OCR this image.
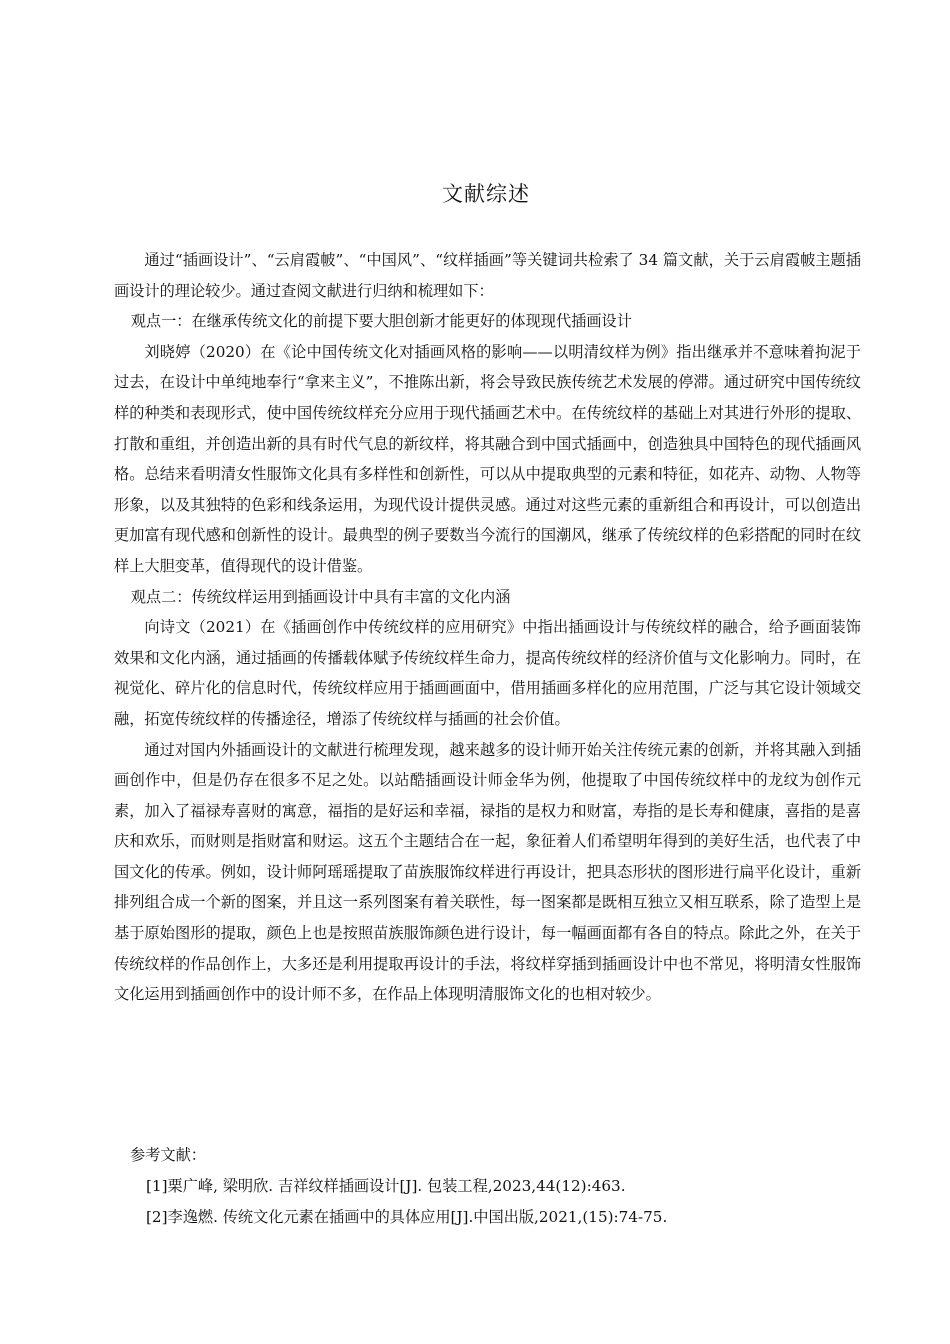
文献综述

通过“插画设计”、“云肩霞帔”、“中国风”、“纹样插画”等关键词共检索了 34 篇文献，关于云肩霞帔主题插画设计的理论较少。通过查阅文献进行归纳和梳理如下：

观点一：在继承传统文化的前提下要大胆创新才能更好的体现现代插画设计

刘晓婷（2020）在《论中国传统文化对插画风格的影响——以明清纹样为例》指出继承并不意味着拘泥于过去，在设计中单纯地奉行“拿来主义”，不推陈出新，将会导致民族传统艺术发展的停滞。通过研究中国传统纹样的种类和表现形式，使中国传统纹样充分应用于现代插画艺术中。在传统纹样的基础上对其进行外形的提取、打散和重组，并创造出新的具有时代气息的新纹样，将其融合到中国式插画中，创造独具中国特色的现代插画风格。总结来看明清女性服饰文化具有多样性和创新性，可以从中提取典型的元素和特征，如花卉、动物、人物等形象，以及其独特的色彩和线条运用，为现代设计提供灵感。通过对这些元素的重新组合和再设计，可以创造出更加富有现代感和创新性的设计。最典型的例子要数当今流行的国潮风，继承了传统纹样的色彩搭配的同时在纹样上大胆变革，值得现代的设计借鉴。

观点二：传统纹样运用到插画设计中具有丰富的文化内涵

向诗文（2021）在《插画创作中传统纹样的应用研究》中指出插画设计与传统纹样的融合，给予画面装饰效果和文化内涵，通过插画的传播载体赋予传统纹样生命力，提高传统纹样的经济价值与文化影响力。同时，在视觉化、碎片化的信息时代，传统纹样应用于插画画面中，借用插画多样化的应用范围，广泛与其它设计领域交融，拓宽传统纹样的传播途径，增添了传统纹样与插画的社会价值。

通过对国内外插画设计的文献进行梳理发现，越来越多的设计师开始关注传统元素的创新，并将其融入到插画创作中，但是仍存在很多不足之处。以站酷插画设计师金华为例，他提取了中国传统纹样中的龙纹为创作元素，加入了福禄寿喜财的寓意，福指的是好运和幸福，禄指的是权力和财富，寿指的是长寿和健康，喜指的是喜庆和欢乐，而财则是指财富和财运。这五个主题结合在一起，象征着人们希望明年得到的美好生活，也代表了中国文化的传承。例如，设计师阿瑶瑶提取了苗族服饰纹样进行再设计，把具态形状的图形进行扁平化设计，重新排列组合成一个新的图案，并且这一系列图案有着关联性，每一图案都是既相互独立又相互联系，除了造型上是基于原始图形的提取，颜色上也是按照苗族服饰颜色进行设计，每一幅画面都有各自的特点。除此之外，在关于传统纹样的作品创作上，大多还是利用提取再设计的手法，将纹样穿插到插画设计中也不常见，将明清女性服饰文化运用到插画创作中的设计师不多，在作品上体现明清服饰文化的也相对较少。

参考文献：

[1]栗广峰, 梁明欣. 吉祥纹样插画设计[J]. 包装工程,2023,44(12):463.

[2]李逸燃. 传统文化元素在插画中的具体应用[J].中国出版,2021,(15):74-75.
